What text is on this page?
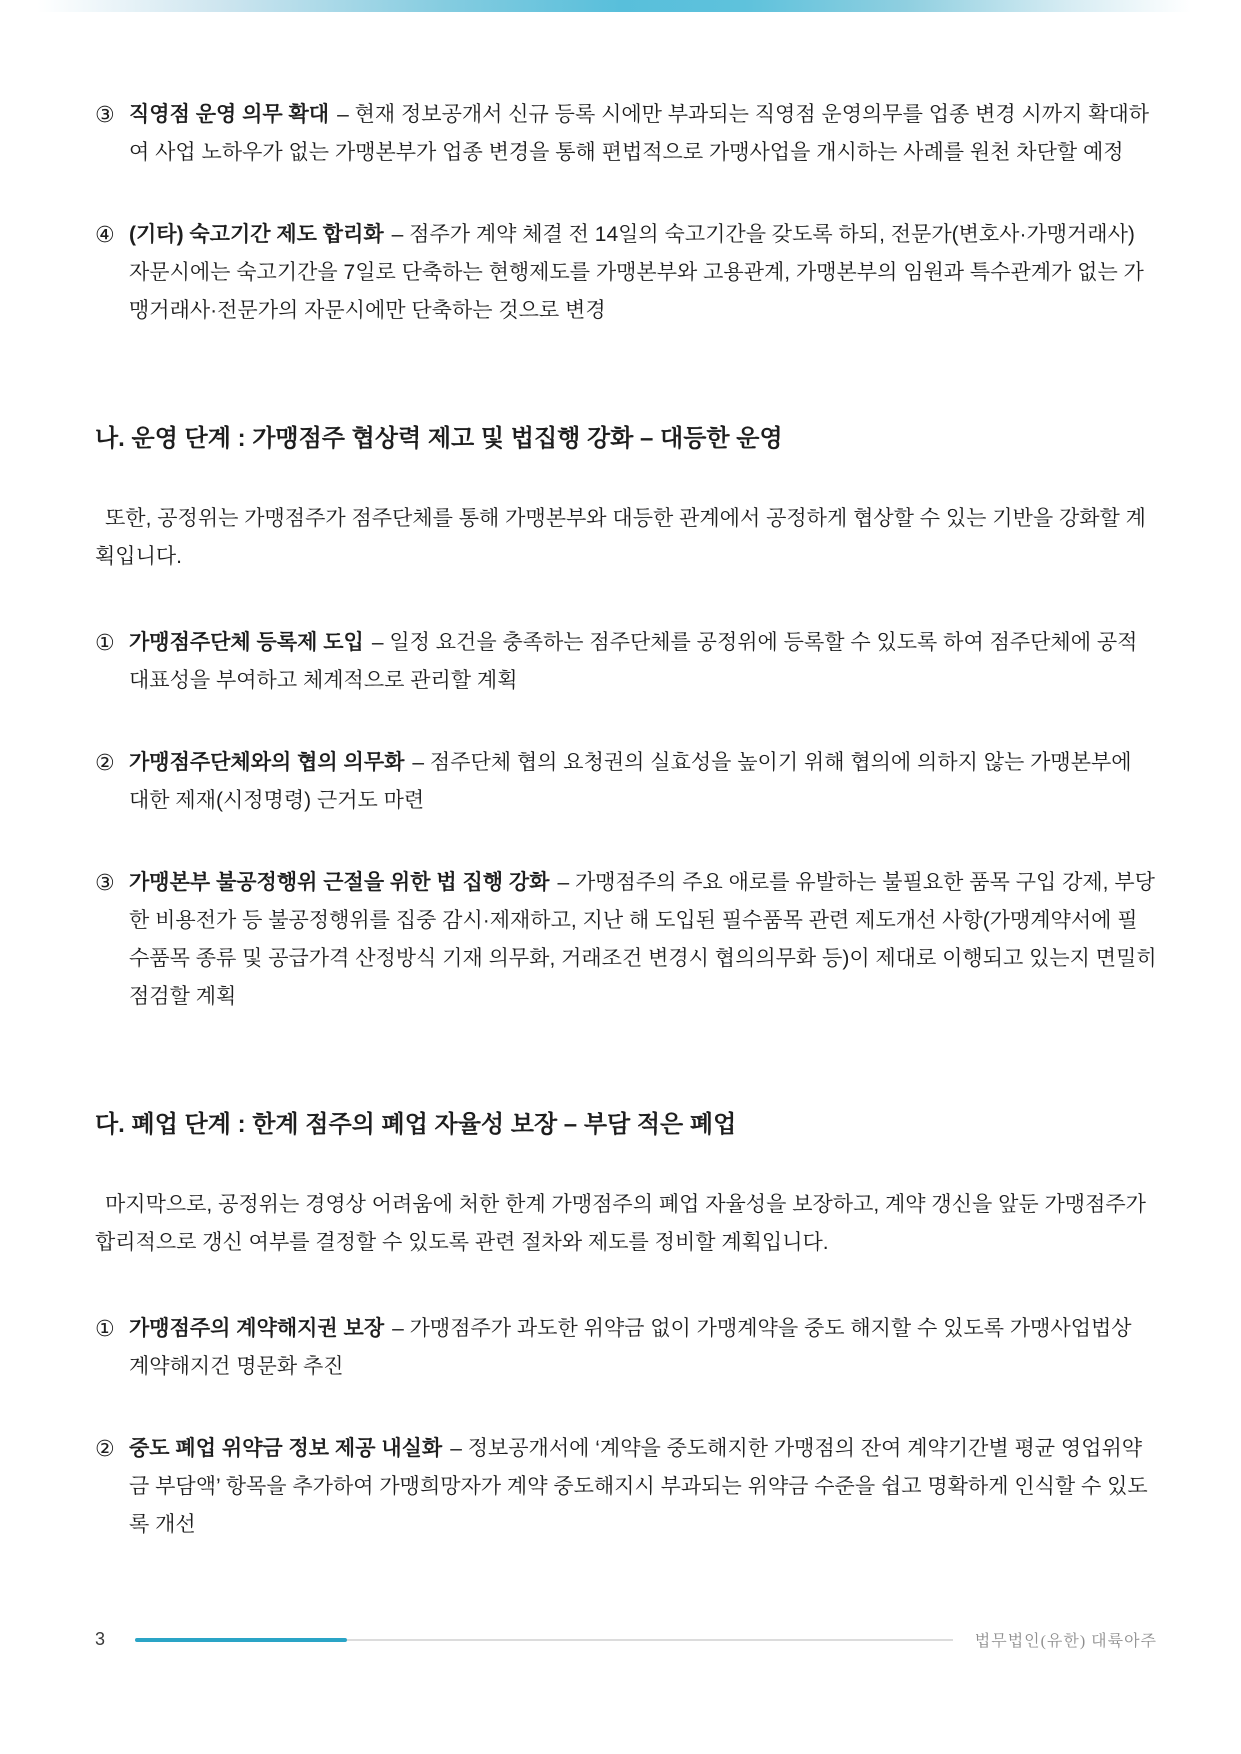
③ 직영점 운영 의무 확대 – 현재 정보공개서 신규 등록 시에만 부과되는 직영점 운영의무를 업종 변경 시까지 확대하여 사업 노하우가 없는 가맹본부가 업종 변경을 통해 편법적으로 가맹사업을 개시하는 사례를 원천 차단할 예정

④ (기타) 숙고기간 제도 합리화 – 점주가 계약 체결 전 14일의 숙고기간을 갖도록 하되, 전문가(변호사·가맹거래사) 자문시에는 숙고기간을 7일로 단축하는 현행제도를 가맹본부와 고용관계, 가맹본부의 임원과 특수관계가 없는 가맹거래사·전문가의 자문시에만 단축하는 것으로 변경

나. 운영 단계 : 가맹점주 협상력 제고 및 법집행 강화 – 대등한 운영

또한, 공정위는 가맹점주가 점주단체를 통해 가맹본부와 대등한 관계에서 공정하게 협상할 수 있는 기반을 강화할 계획입니다.

① 가맹점주단체 등록제 도입 – 일정 요건을 충족하는 점주단체를 공정위에 등록할 수 있도록 하여 점주단체에 공적 대표성을 부여하고 체계적으로 관리할 계획

② 가맹점주단체와의 협의 의무화 – 점주단체 협의 요청권의 실효성을 높이기 위해 협의에 의하지 않는 가맹본부에 대한 제재(시정명령) 근거도 마련

③ 가맹본부 불공정행위 근절을 위한 법 집행 강화 – 가맹점주의 주요 애로를 유발하는 불필요한 품목 구입 강제, 부당한 비용전가 등 불공정행위를 집중 감시·제재하고, 지난 해 도입된 필수품목 관련 제도개선 사항(가맹계약서에 필수품목 종류 및 공급가격 산정방식 기재 의무화, 거래조건 변경시 협의의무화 등)이 제대로 이행되고 있는지 면밀히 점검할 계획

다. 폐업 단계 : 한계 점주의 폐업 자율성 보장 – 부담 적은 폐업

마지막으로, 공정위는 경영상 어려움에 처한 한계 가맹점주의 폐업 자율성을 보장하고, 계약 갱신을 앞둔 가맹점주가 합리적으로 갱신 여부를 결정할 수 있도록 관련 절차와 제도를 정비할 계획입니다.

① 가맹점주의 계약해지권 보장 – 가맹점주가 과도한 위약금 없이 가맹계약을 중도 해지할 수 있도록 가맹사업법상 계약해지건 명문화 추진

② 중도 폐업 위약금 정보 제공 내실화 – 정보공개서에 ‘계약을 중도해지한 가맹점의 잔여 계약기간별 평균 영업위약금 부담액’ 항목을 추가하여 가맹희망자가 계약 중도해지시 부과되는 위약금 수준을 쉽고 명확하게 인식할 수 있도록 개선

3	법무법인(유한) 대륙아주
